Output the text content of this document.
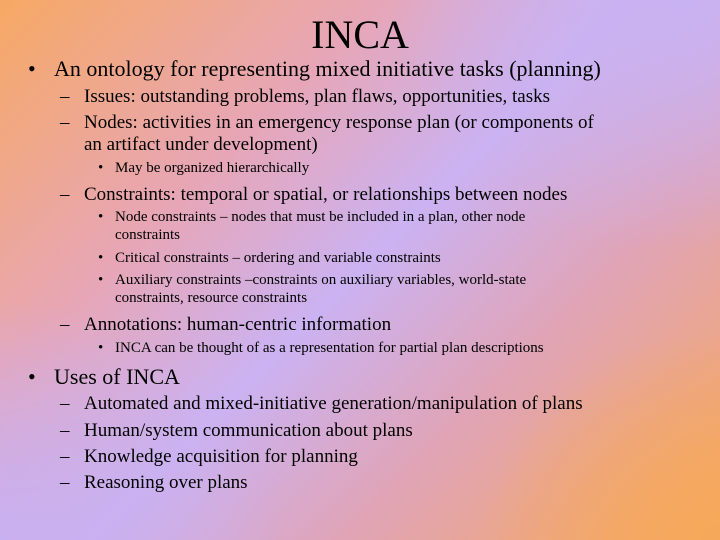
INCA
• An ontology for representing mixed initiative tasks (planning)
– Issues: outstanding problems, plan flaws, opportunities, tasks
– Nodes: activities in an emergency response plan (or components of
an artifact under development)
• May be organized hierarchically
– Constraints: temporal or spatial, or relationships between nodes
• Node constraints – nodes that must be included in a plan, other node
constraints
• Critical constraints – ordering and variable constraints
• Auxiliary constraints –constraints on auxiliary variables, world-state
constraints, resource constraints
– Annotations: human-centric information
• INCA can be thought of as a representation for partial plan descriptions
• Uses of INCA
– Automated and mixed-initiative generation/manipulation of plans
– Human/system communication about plans
– Knowledge acquisition for planning
– Reasoning over plans
